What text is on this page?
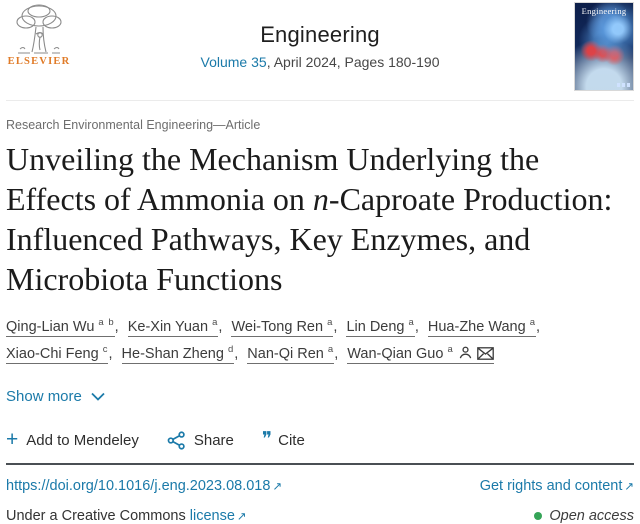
ELSEVIER
Engineering
Volume 35, April 2024, Pages 180-190
Engineering
Research Environmental Engineering—Article
Unveiling the Mechanism Underlying the Effects of Ammonia on n-Caproate Production: Influenced Pathways, Key Enzymes, and Microbiota Functions
Qing-Lian Wu $^{a b}$, Ke-Xin Yuan $^a$, Wei-Tong Ren $^a$, Lin Deng $^a$, Hua-Zhe Wang $^a$, Xiao-Chi Feng $^c$, He-Shan Zheng $^d$, Nan-Qi Ren $^a$, Wan-Qian Guo $^a$
Show more
+ Add to Mendeley	Share ❞ Cite
https://doi.org/10.1016/j.eng.2023.08.018 ↗	Get rights and content ↗
Under a Creative Commons license ↗	Open access
